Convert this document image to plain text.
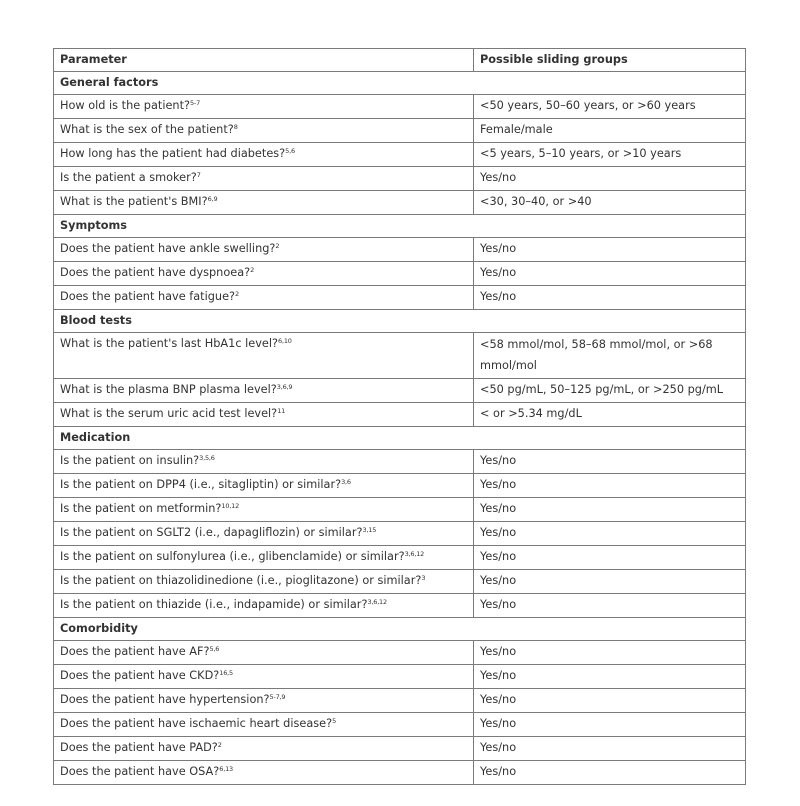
Parameter	Possible sliding groups
General factors	
How old is the patient?$^{5-7}$	<50 years, 50–60 years, or >60 years
What is the sex of the patient?$^8$	Female/male
How long has the patient had diabetes?$^{5,6}$	<5 years, 5–10 years, or >10 years
Is the patient a smoker?$^7$	Yes/no
What is the patient's BMI?$^{6,9}$	<30, 30–40, or >40
Symptoms	
Does the patient have ankle swelling?$^2$	Yes/no
Does the patient have dyspnoea?$^2$	Yes/no
Does the patient have fatigue?$^2$	Yes/no
Blood tests	
What is the patient's last HbA1c level?$^{6,10}$	<58 mmol/mol, 58–68 mmol/mol, or >68 mmol/mol
What is the plasma BNP plasma level?$^{3,6,9}$	<50 pg/mL, 50–125 pg/mL, or >250 pg/mL
What is the serum uric acid test level?$^{11}$	< or >5.34 mg/dL
Medication	
Is the patient on insulin?$^{3,5,6}$	Yes/no
Is the patient on DPP4 (i.e., sitagliptin) or similar?$^{3,6}$	Yes/no
Is the patient on metformin?$^{10,12}$	Yes/no
Is the patient on SGLT2 (i.e., dapagliflozin) or similar?$^{3,15}$	Yes/no
Is the patient on sulfonylurea (i.e., glibenclamide) or similar?$^{3,6,12}$	Yes/no
Is the patient on thiazolidinedione (i.e., pioglitazone) or similar?$^3$	Yes/no
Is the patient on thiazide (i.e., indapamide) or similar?$^{3,6,12}$	Yes/no
Comorbidity	
Does the patient have AF?$^{5,6}$	Yes/no
Does the patient have CKD?$^{16,5}$	Yes/no
Does the patient have hypertension?$^{5-7,9}$	Yes/no
Does the patient have ischaemic heart disease?$^5$	Yes/no
Does the patient have PAD?$^2$	Yes/no
Does the patient have OSA?$^{6,13}$	Yes/no
